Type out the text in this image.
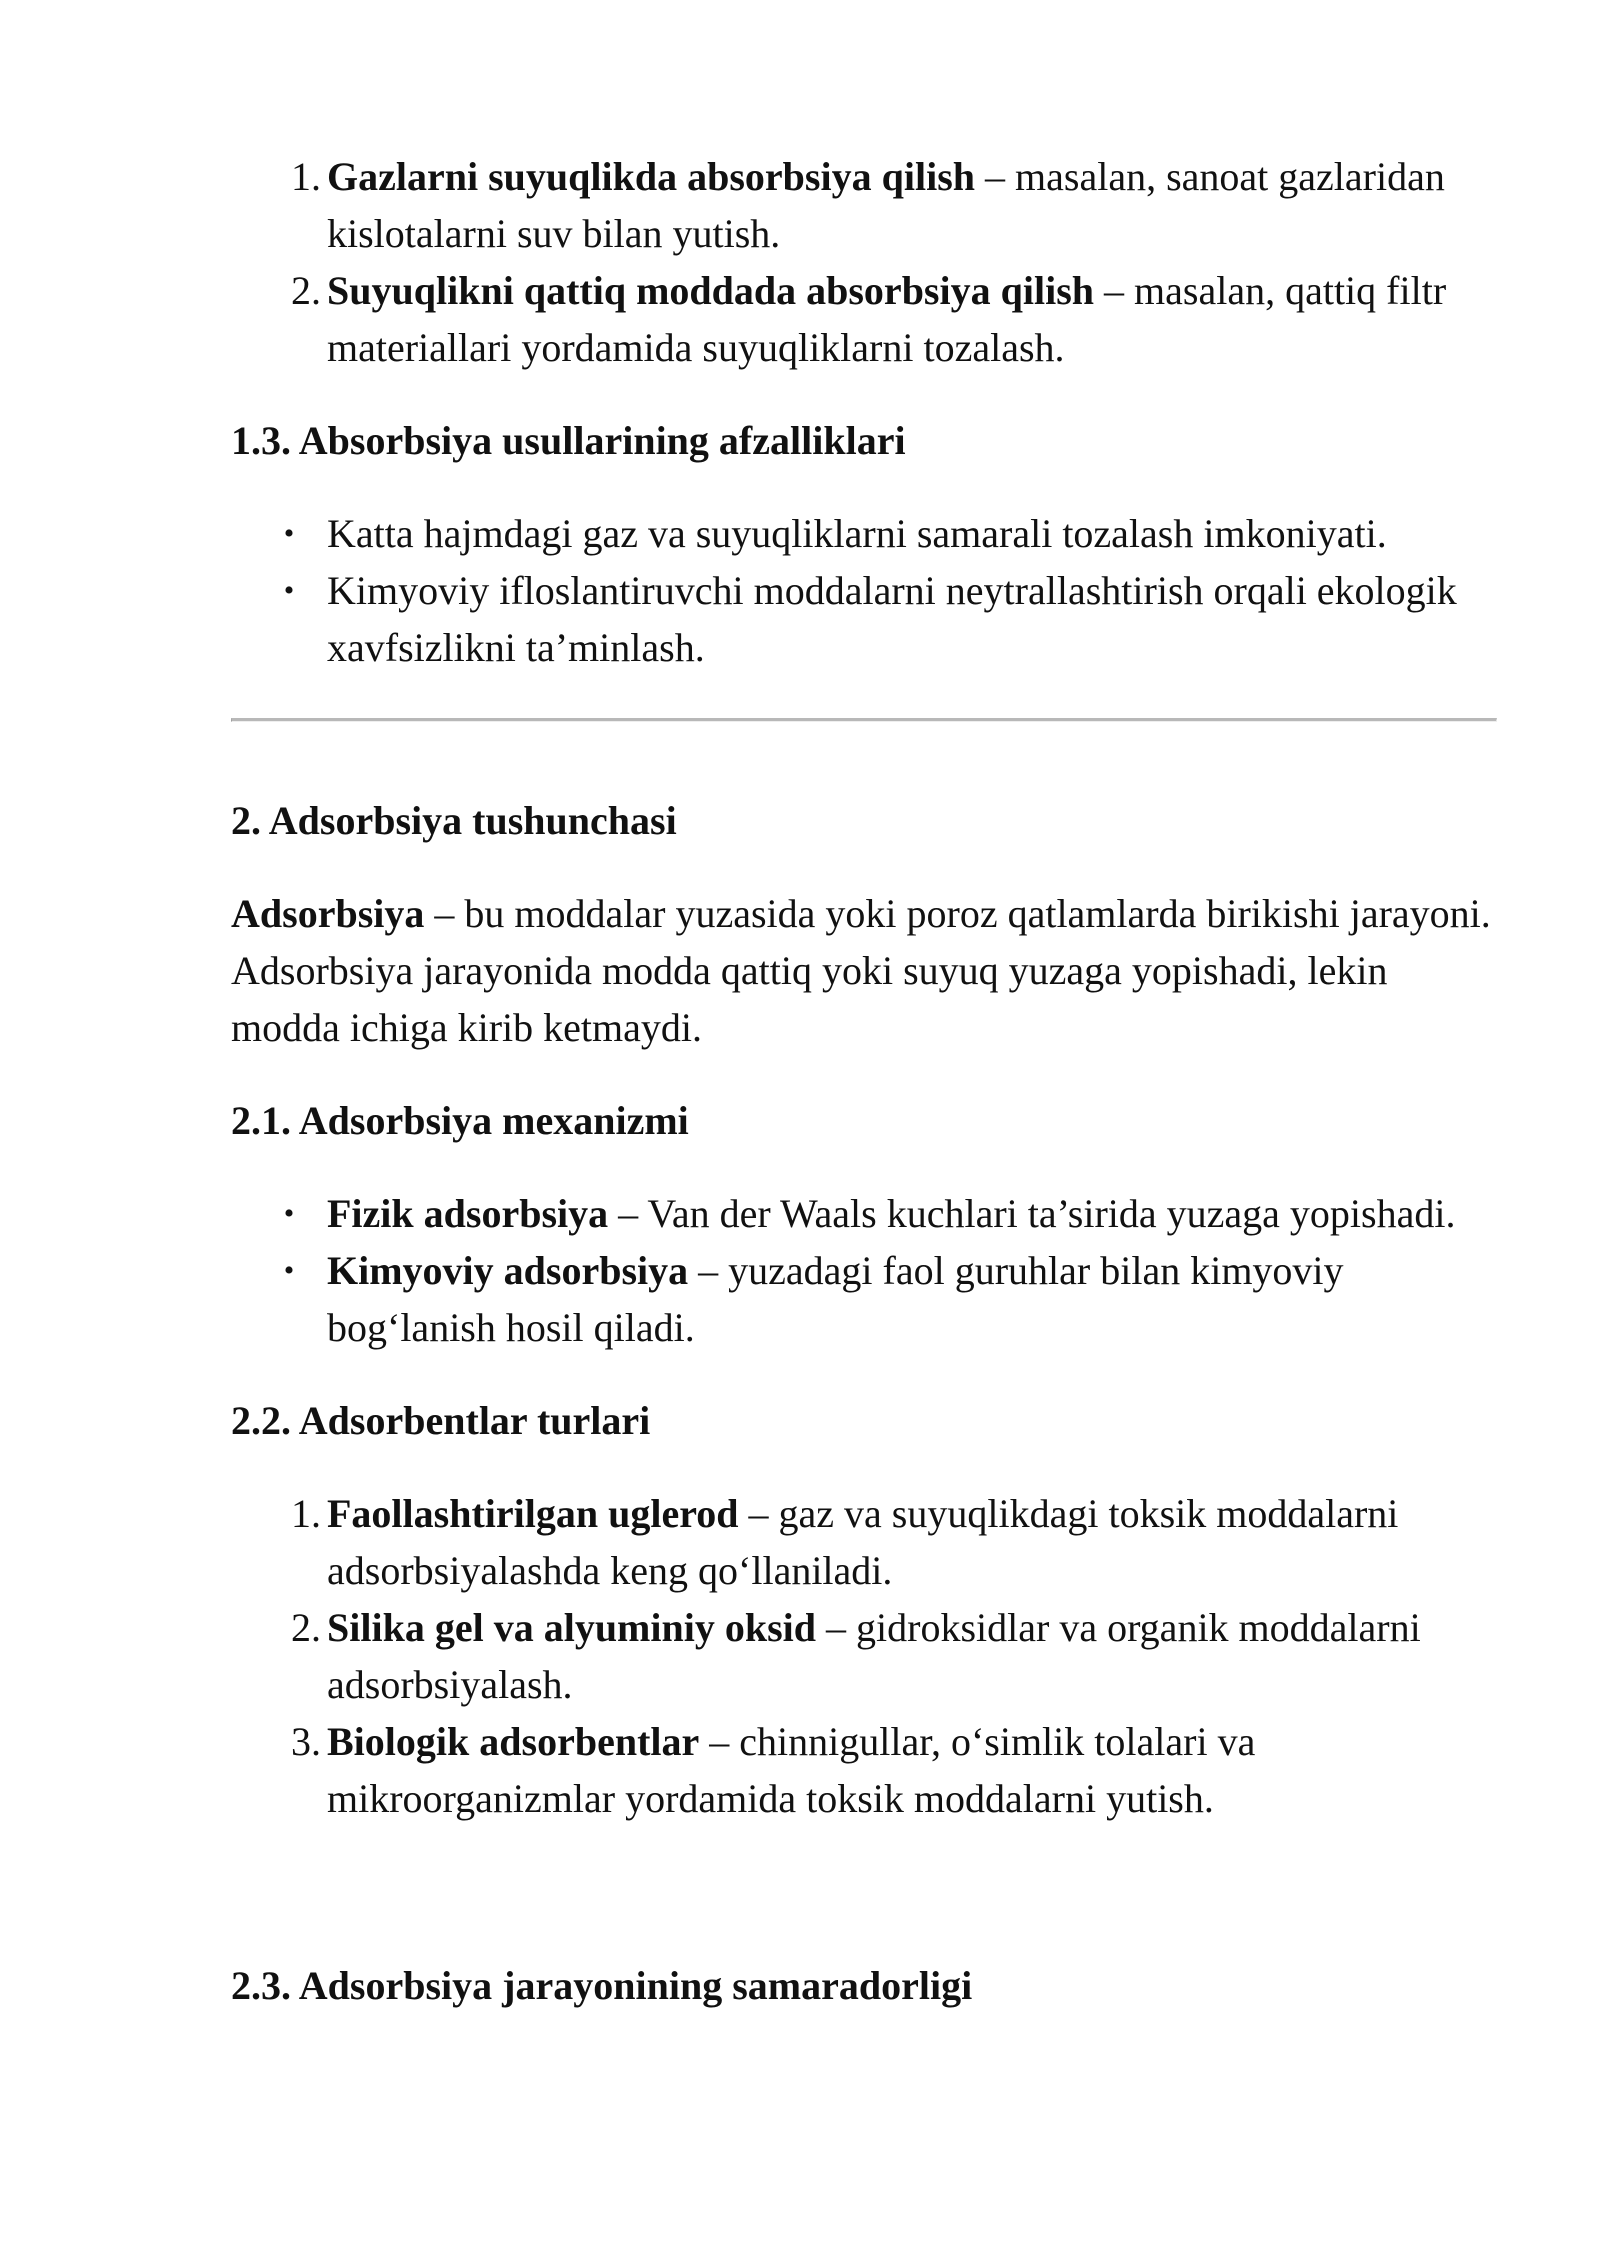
1. Gazlarni suyuqlikda absorbsiya qilish – masalan, sanoat gazlaridan kislotalarni suv bilan yutish.
2. Suyuqlikni qattiq moddada absorbsiya qilish – masalan, qattiq filtr materiallari yordamida suyuqliklarni tozalash.
1.3. Absorbsiya usullarining afzalliklari
• Katta hajmdagi gaz va suyuqliklarni samarali tozalash imkoniyati.
• Kimyoviy ifloslantiruvchi moddalarni neytrallashtirish orqali ekologik xavfsizlikni ta’minlash.
2. Adsorbsiya tushunchasi

Adsorbsiya – bu moddalar yuzasida yoki poroz qatlamlarda birikishi jarayoni. Adsorbsiya jarayonida modda qattiq yoki suyuq yuzaga yopishadi, lekin modda ichiga kirib ketmaydi.

2.1. Adsorbsiya mexanizmi
• Fizik adsorbsiya – Van der Waals kuchlari ta’sirida yuzaga yopishadi.
• Kimyoviy adsorbsiya – yuzadagi faol guruhlar bilan kimyoviy bog‘lanish hosil qiladi.
2.2. Adsorbentlar turlari
1. Faollashtirilgan uglerod – gaz va suyuqlikdagi toksik moddalarni adsorbsiyalashda keng qo‘llaniladi.
2. Silika gel va alyuminiy oksid – gidroksidlar va organik moddalarni adsorbsiyalash.
3. Biologik adsorbentlar – chinnigullar, o‘simlik tolalari va mikroorganizmlar yordamida toksik moddalarni yutish.
2.3. Adsorbsiya jarayonining samaradorligi
